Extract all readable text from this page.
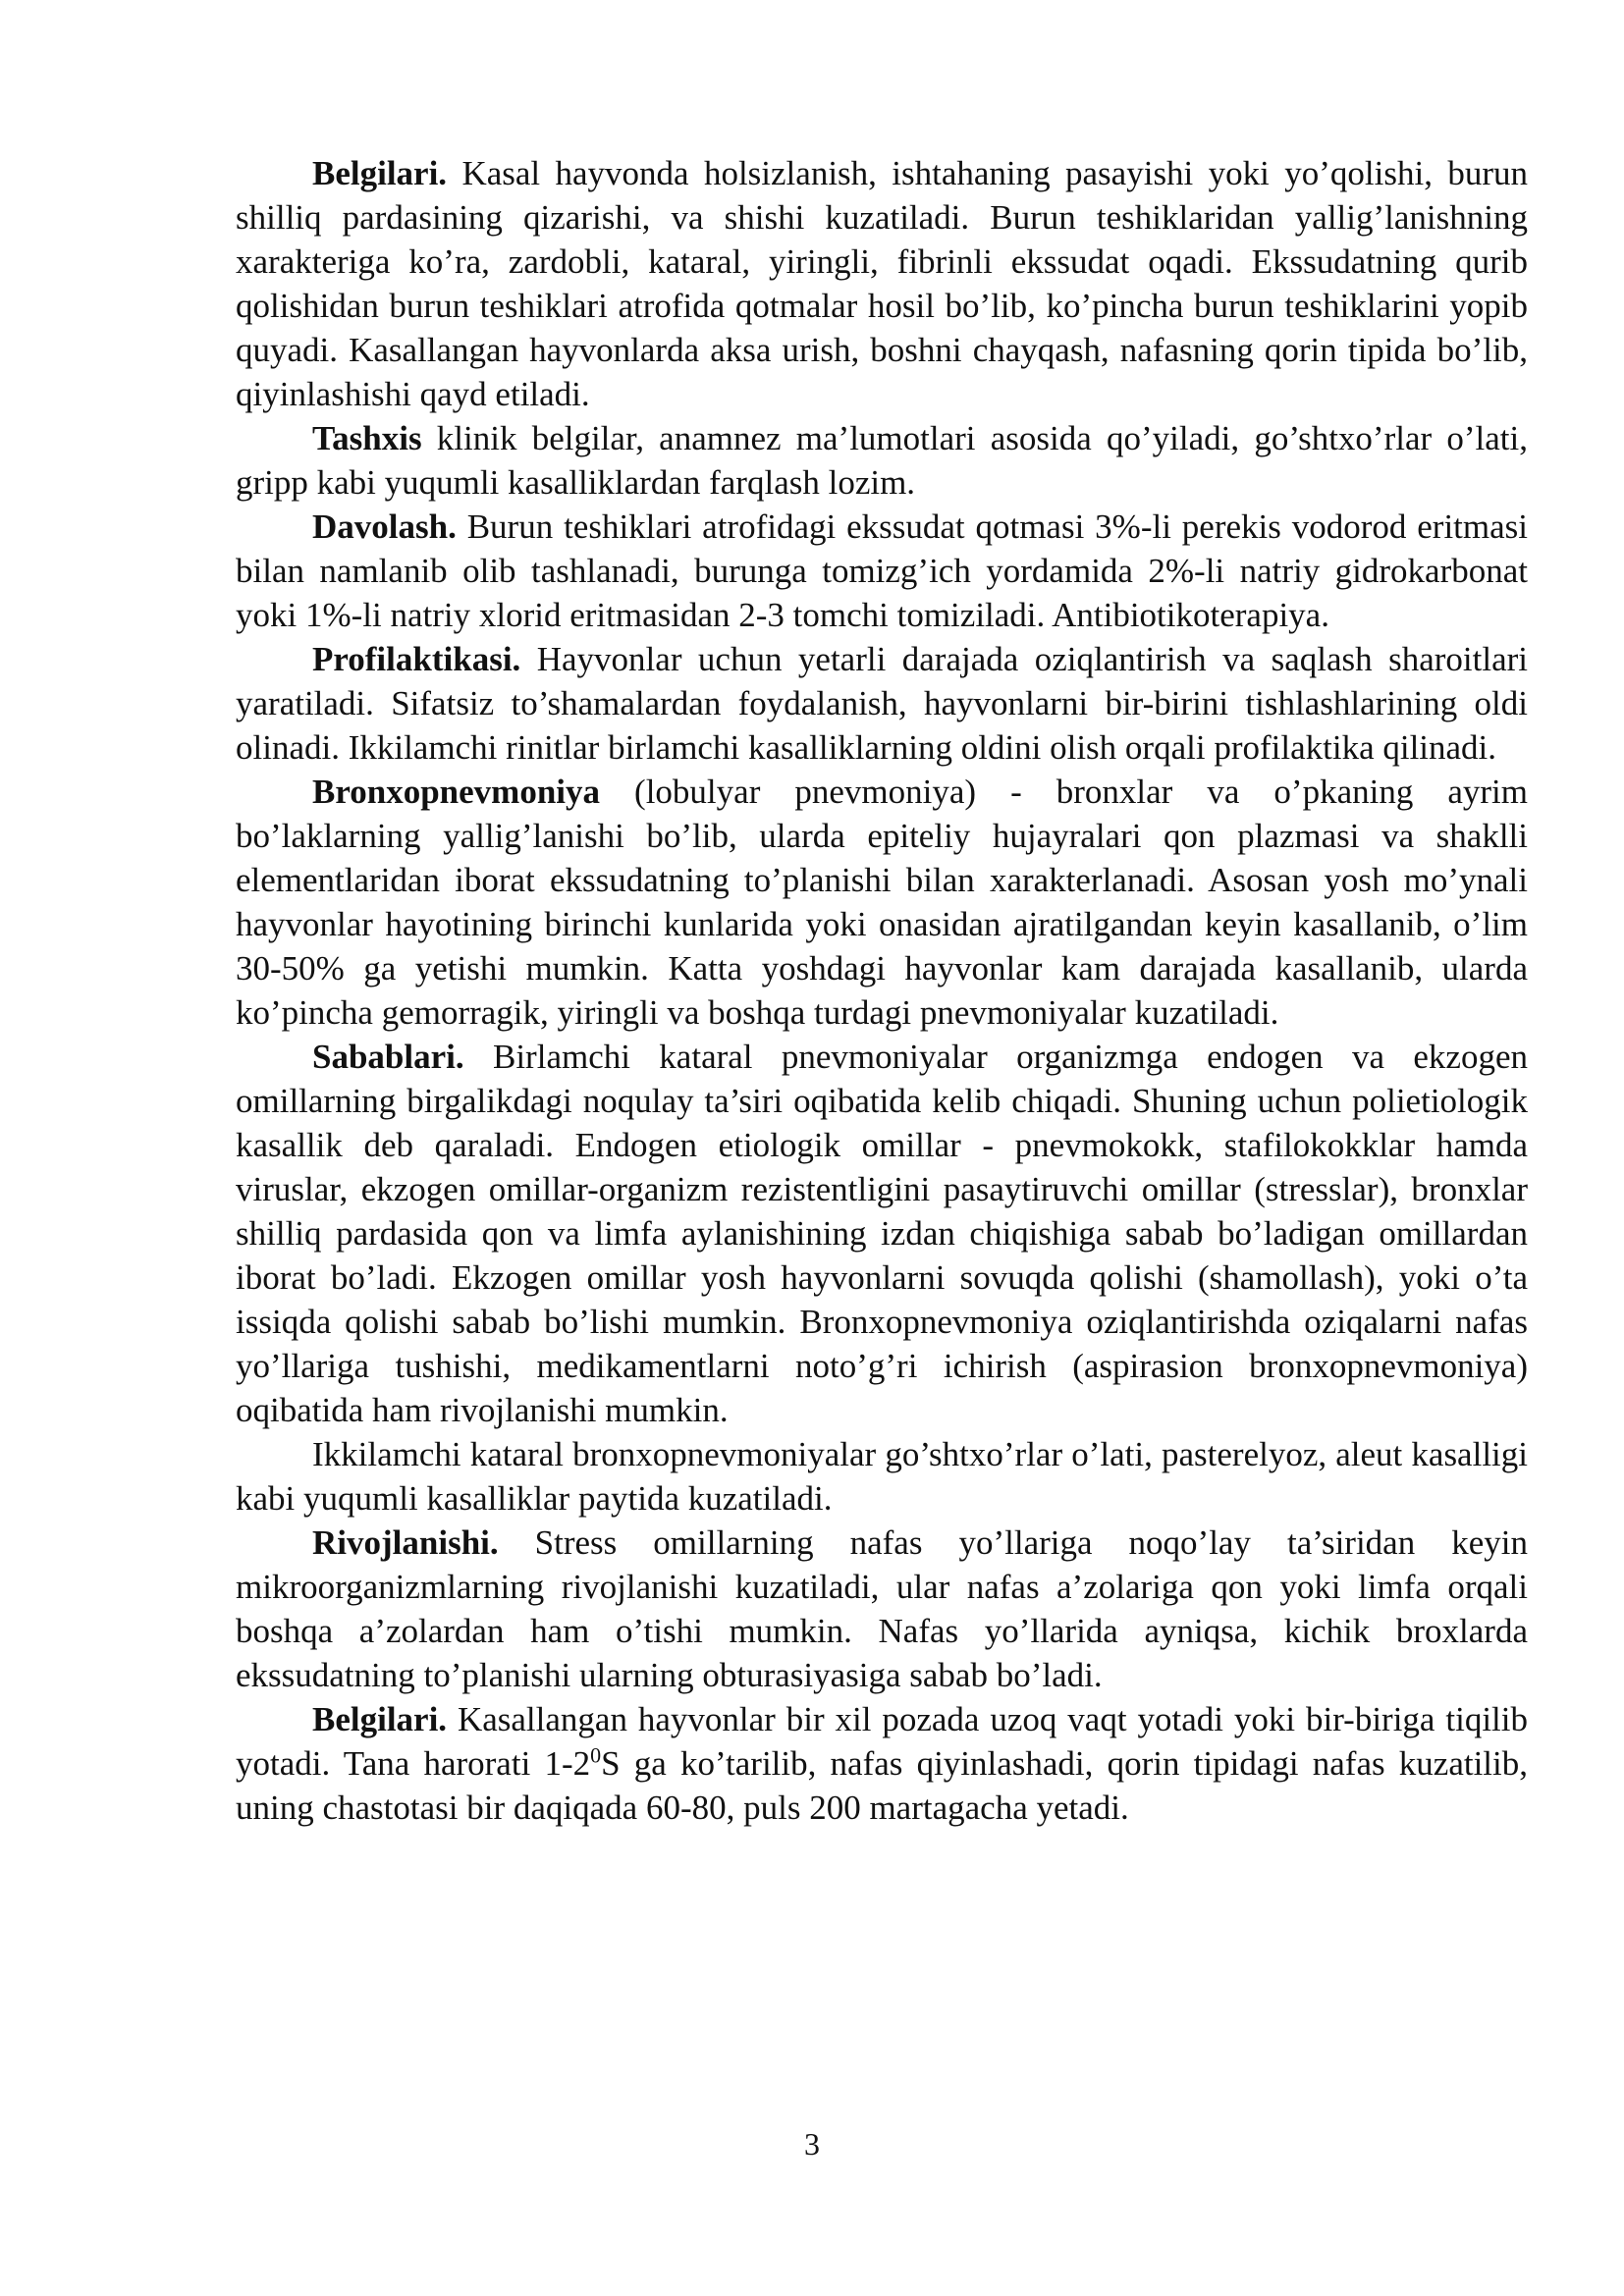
Belgilari. Kasal hayvonda holsizlanish, ishtahaning pasayishi yoki yo’qolishi, burun shilliq pardasining qizarishi, va shishi kuzatiladi. Burun teshiklaridan yallig’lanishning xarakteriga ko’ra, zardobli, kataral, yiringli, fibrinli ekssudat oqadi. Ekssudatning qurib qolishidan burun teshiklari atrofida qotmalar hosil bo’lib, ko’pincha burun teshiklarini yopib quyadi. Kasallangan hayvonlarda aksa urish, boshni chayqash, nafasning qorin tipida bo’lib, qiyinlashishi qayd etiladi.

Tashxis klinik belgilar, anamnez ma’lumotlari asosida qo’yiladi, go’shtxo’rlar o’lati, gripp kabi yuqumli kasalliklardan farqlash lozim.

Davolash. Burun teshiklari atrofidagi ekssudat qotmasi 3%-li perekis vodorod eritmasi bilan namlanib olib tashlanadi, burunga tomizg’ich yordamida 2%-li natriy gidrokarbonat yoki 1%-li natriy xlorid eritmasidan 2-3 tomchi tomiziladi. Antibiotikoterapiya.

Profilaktikasi. Hayvonlar uchun yetarli darajada oziqlantirish va saqlash sharoitlari yaratiladi. Sifatsiz to’shamalardan foydalanish, hayvonlarni bir-birini tishlashlarining oldi olinadi. Ikkilamchi rinitlar birlamchi kasalliklarning oldini olish orqali profilaktika qilinadi.

Bronxopnevmoniya (lobulyar pnevmoniya) - bronxlar va o’pkaning ayrim bo’laklarning yallig’lanishi bo’lib, ularda epiteliy hujayralari qon plazmasi va shaklli elementlaridan iborat ekssudatning to’planishi bilan xarakterlanadi. Asosan yosh mo’ynali hayvonlar hayotining birinchi kunlarida yoki onasidan ajratilgandan keyin kasallanib, o’lim 30-50% ga yetishi mumkin. Katta yoshdagi hayvonlar kam darajada kasallanib, ularda ko’pincha gemorragik, yiringli va boshqa turdagi pnevmoniyalar kuzatiladi.

Sabablari. Birlamchi kataral pnevmoniyalar organizmga endogen va ekzogen omillarning birgalikdagi noqulay ta’siri oqibatida kelib chiqadi. Shuning uchun polietiologik kasallik deb qaraladi. Endogen etiologik omillar - pnevmokokk, stafilokokklar hamda viruslar, ekzogen omillar-organizm rezistentligini pasaytiruvchi omillar (stresslar), bronxlar shilliq pardasida qon va limfa aylanishining izdan chiqishiga sabab bo’ladigan omillardan iborat bo’ladi. Ekzogen omillar yosh hayvonlarni sovuqda qolishi (shamollash), yoki o’ta issiqda qolishi sabab bo’lishi mumkin. Bronxopnevmoniya oziqlantirishda oziqalarni nafas yo’llariga tushishi, medikamentlarni noto’g’ri ichirish (aspirasion bronxopnevmoniya) oqibatida ham rivojlanishi mumkin.

Ikkilamchi kataral bronxopnevmoniyalar go’shtxo’rlar o’lati, pasterelyoz, aleut kasalligi kabi yuqumli kasalliklar paytida kuzatiladi.

Rivojlanishi. Stress omillarning nafas yo’llariga noqo’lay ta’siridan keyin mikroorganizmlarning rivojlanishi kuzatiladi, ular nafas a’zolariga qon yoki limfa orqali boshqa a’zolardan ham o’tishi mumkin. Nafas yo’llarida ayniqsa, kichik broxlarda ekssudatning to’planishi ularning obturasiyasiga sabab bo’ladi.

Belgilari. Kasallangan hayvonlar bir xil pozada uzoq vaqt yotadi yoki bir-biriga tiqilib yotadi. Tana harorati $1-2^0S$ ga ko’tarilib, nafas qiyinlashadi, qorin tipidagi nafas kuzatilib, uning chastotasi bir daqiqada 60-80, puls 200 martagacha yetadi.

3
